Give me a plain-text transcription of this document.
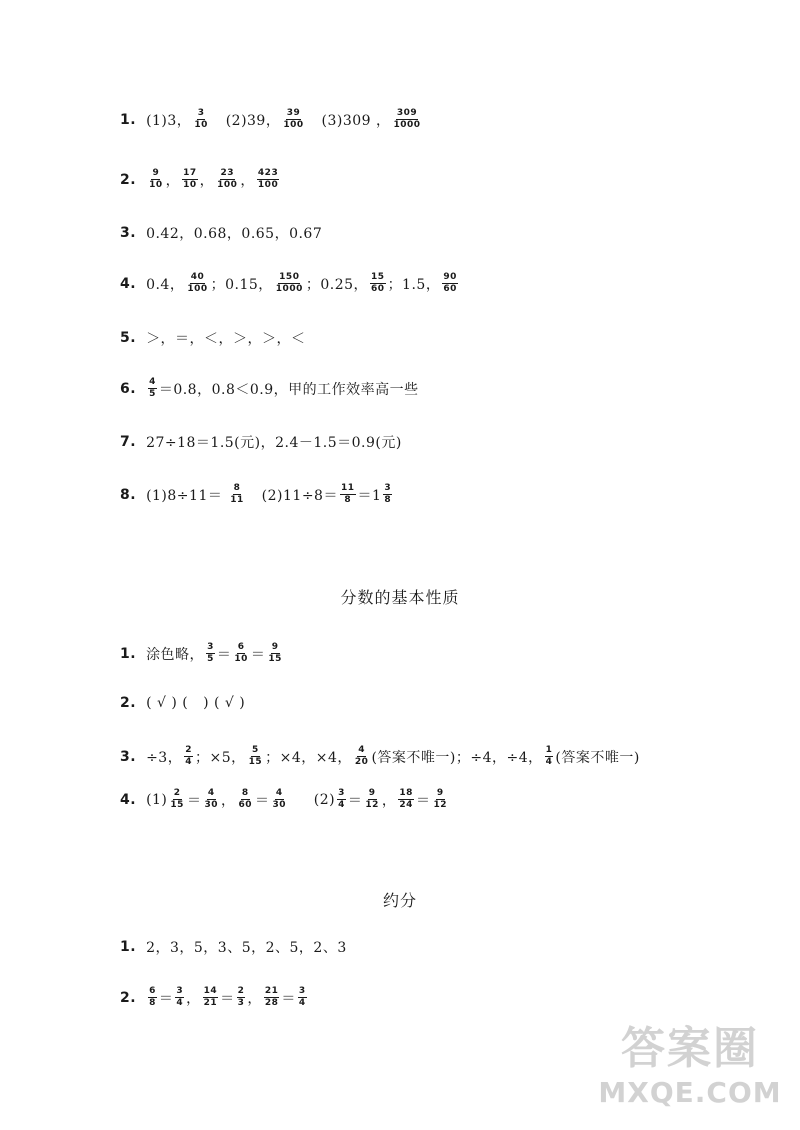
1. (1)3， $\frac{3}{10} (2)39$， $\frac{39}{100} (3)309$ ， $\frac{309}{1000}$
2. $\frac{9}{10}$ ， $\frac{17}{10}$ ， $\frac{23}{100}$ ， $\frac{423}{100}$
3. 0.42，0.68，0.65，0.67
4. 0.4， $\frac{40}{100}$ ；0.15， $\frac{150}{1000}$ ；0.25， $\frac{15}{60}$ ；1.5， $\frac{90}{60}$
5. ＞，＝，＜，＞，＞，＜
6. $\frac{4}{5} =0.8$，0.8＜0.9，甲的工作效率高一些
7. 27÷18＝1.5(元)，2.4－1.5＝0.9(元)
8. $(1)8\div 11= \frac{8}{11} (2)11\div 8= \frac{11}{8} =1 \frac{3}{8}$
分数的基本性质
1. 涂色略， $\frac{3}{5} = \frac{6}{10} = \frac{9}{15}$
2. ( √ ) (   ) ( √ )
3. ÷3， $\frac{2}{4}$ ；×5， $\frac{5}{15}$ ；×4，×4， $\frac{4}{20}$ (答案不唯一)；÷4，÷4， $\frac{1}{4}$ (答案不唯一)
4. $(1) \frac{2}{15} = \frac{4}{30}$ ， $\frac{8}{60} = \frac{4}{30} (2) \frac{3}{4} = \frac{9}{12}$ ， $\frac{18}{24} = \frac{9}{12}$
约分
1. 2，3，5，3、5，2、5，2、3
2. $\frac{6}{8} = \frac{3}{4}$ ， $\frac{14}{21} = \frac{2}{3}$ ， $\frac{21}{28} = \frac{3}{4}$
答案圈
MXQE.COM
